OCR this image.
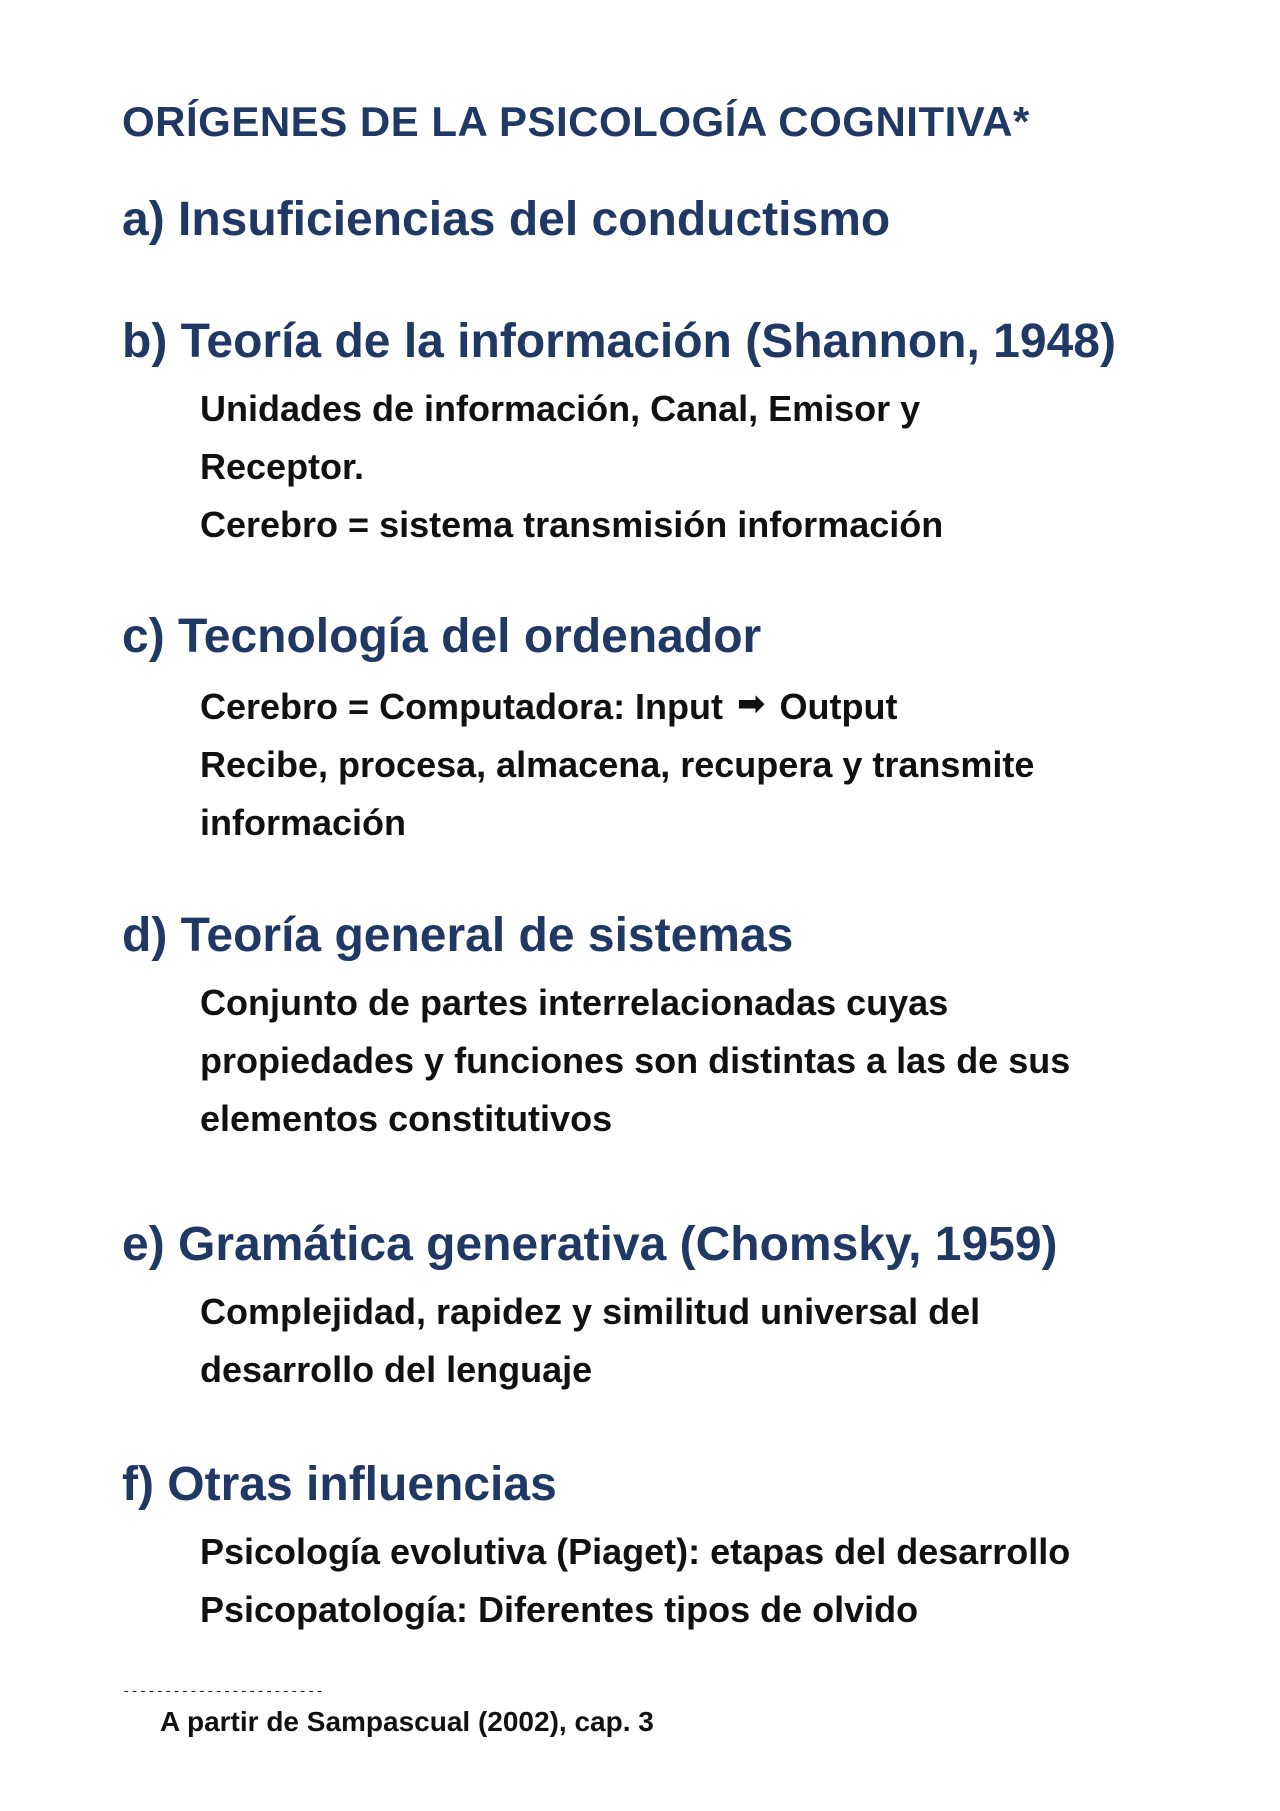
ORÍGENES DE LA PSICOLOGÍA COGNITIVA*
a) Insuficiencias del conductismo
b) Teoría de la información (Shannon, 1948)
Unidades de información, Canal, Emisor y
Receptor.
Cerebro = sistema transmisión información
c) Tecnología del ordenador
Cerebro = Computadora: Input ➡ Output
Recibe, procesa, almacena, recupera y transmite
información
d) Teoría general de sistemas
Conjunto de partes interrelacionadas cuyas
propiedades y funciones son distintas a las de sus
elementos constitutivos
e) Gramática generativa (Chomsky, 1959)
Complejidad, rapidez y similitud universal del
desarrollo del lenguaje
f) Otras influencias
Psicología evolutiva (Piaget): etapas del desarrollo
Psicopatología: Diferentes tipos de olvido
------------------------
A partir de Sampascual (2002), cap. 3
